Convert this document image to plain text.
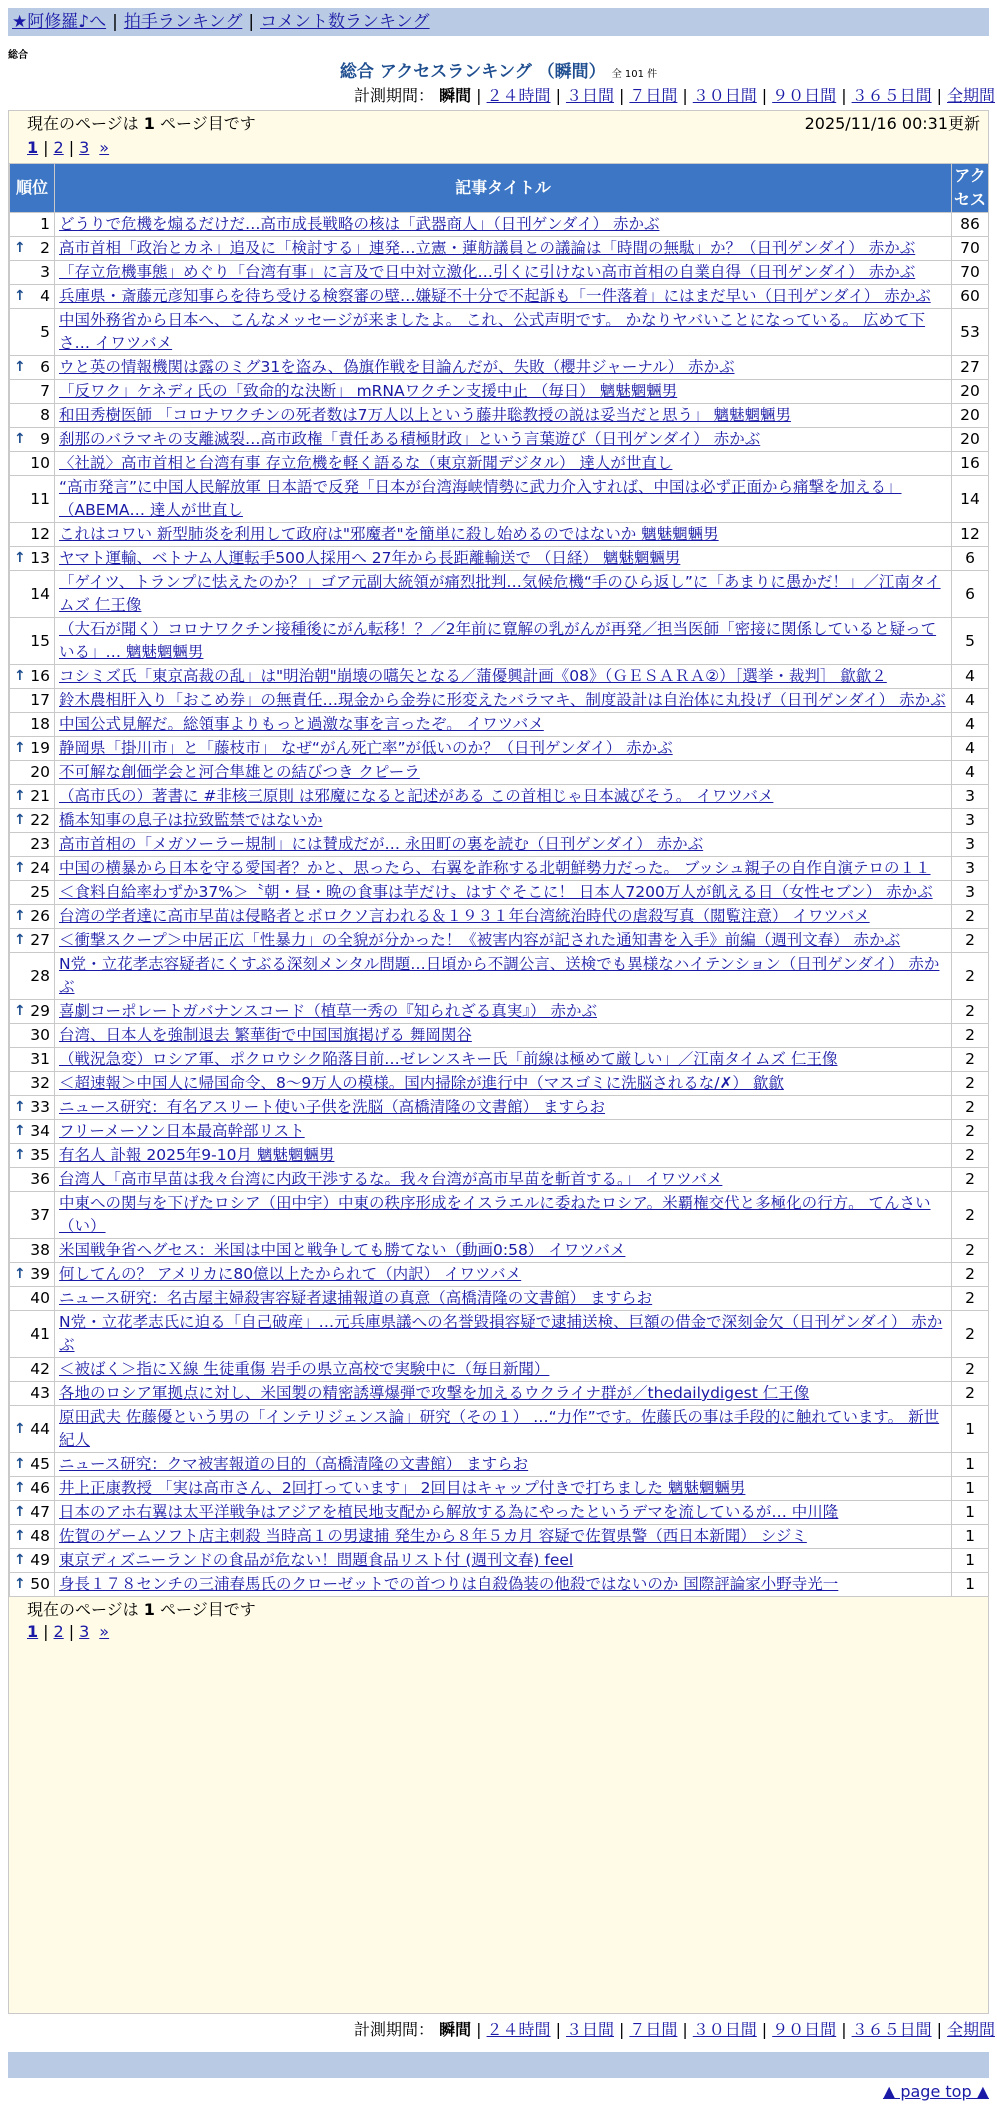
★阿修羅♪へ | 拍手ランキング | コメント数ランキング
総合
総合 アクセスランキング （瞬間） 全 101 件
計測期間： 瞬間 | ２４時間 | ３日間 | ７日間 | ３０日間 | ９０日間 | ３６５日間 | 全期間
現在のページは 1 ページ目です	2025/11/16 00:31更新
1 | 2 | 3 »
順位	記事タイトル	アクセス
1	どうりで危機を煽るだけだ…高市成長戦略の核は「武器商人」（日刊ゲンダイ） 赤かぶ	86

↑ 2	高市首相「政治とカネ」追及に「検討する」連発…立憲・蓮舫議員との議論は「時間の無駄」か？（日刊ゲンダイ） 赤かぶ	70
3	「存立危機事態」めぐり「台湾有事」に言及で日中対立激化…引くに引けない高市首相の自業自得（日刊ゲンダイ） 赤かぶ	70

↑ 4	兵庫県・斎藤元彦知事らを待ち受ける検察審の壁…嫌疑不十分で不起訴も「一件落着」にはまだ早い（日刊ゲンダイ） 赤かぶ	60
5	中国外務省から日本へ、こんなメッセージが来ましたよ。 これ、公式声明です。 かなりヤバいことになっている。 広めて下さ… イワツバメ	53

↑ 6	ウと英の情報機関は露のミグ31を盗み、偽旗作戦を目論んだが、失敗（櫻井ジャーナル） 赤かぶ	27
7	「反ワク」ケネディ氏の「致命的な決断」 mRNAワクチン支援中止 （毎日） 魑魅魍魎男	20
8	和田秀樹医師 「コロナワクチンの死者数は7万人以上という藤井聡教授の説は妥当だと思う」 魑魅魍魎男	20

↑ 9	刹那のバラマキの支離滅裂…高市政権「責任ある積極財政」という言葉遊び（日刊ゲンダイ） 赤かぶ	20
10	〈社説〉高市首相と台湾有事 存立危機を軽く語るな（東京新聞デジタル） 達人が世直し	16
11	“高市発言”に中国人民解放軍 日本語で反発「日本が台湾海峡情勢に武力介入すれば、中国は必ず正面から痛撃を加える」（ABEMA… 達人が世直し	14
12	これはコワい 新型肺炎を利用して政府は"邪魔者"を簡単に殺し始めるのではないか 魑魅魍魎男	12

↑ 13	ヤマト運輸、ベトナム人運転手500人採用へ 27年から長距離輸送で （日経） 魑魅魍魎男	6
14	「ゲイツ、トランプに怯えたのか？」ゴア元副大統領が痛烈批判…気候危機“手のひら返し”に「あまりに愚かだ！」／江南タイムズ 仁王像	6
15	（大石が聞く）コロナワクチン接種後にがん転移！？／2年前に寛解の乳がんが再発／担当医師「密接に関係していると疑っている」… 魑魅魍魎男	5

↑ 16	コシミズ氏「東京高裁の乱」は"明治朝"崩壊の嚆矢となる／蒲優興計画《08》（ＧＥＳＡＲＡ②）［選挙・裁判］ 歙歙２	4
17	鈴木農相肝入り「おこめ券」の無責任…現金から金券に形変えたバラマキ、制度設計は自治体に丸投げ（日刊ゲンダイ） 赤かぶ	4
18	中国公式見解だ。総領事よりもっと過激な事を言ったぞ。 イワツバメ	4

↑ 19	静岡県「掛川市」と「藤枝市」 なぜ“がん死亡率”が低いのか？（日刊ゲンダイ） 赤かぶ	4
20	不可解な創価学会と河合隼雄との結びつき クピーラ	4

↑ 21	（高市氏の）著書に #非核三原則 は邪魔になると記述がある この首相じゃ日本滅びそう。 イワツバメ	3

↑ 22	橋本知事の息子は拉致監禁ではないか	3
23	高市首相の「メガソーラー規制」には賛成だが… 永田町の裏を読む（日刊ゲンダイ） 赤かぶ	3

↑ 24	中国の横暴から日本を守る愛国者？かと、思ったら、右翼を詐称する北朝鮮勢力だった。 ブッシュ親子の自作自演テロの１１	3
25	＜食料自給率わずか37%＞〝朝・昼・晩の食事は芋だけ〟はすぐそこに！ 日本人7200万人が飢える日（女性セブン） 赤かぶ	3

↑ 26	台湾の学者達に高市早苗は侵略者とボロクソ言われる＆１９３１年台湾統治時代の虐殺写真（閲覧注意） イワツバメ	2

↑ 27	＜衝撃スクープ＞中居正広「性暴力」の全貌が分かった！《被害内容が記された通知書を入手》前編（週刊文春） 赤かぶ	2
28	N党・立花孝志容疑者にくすぶる深刻メンタル問題…日頃から不調公言、送検でも異様なハイテンション（日刊ゲンダイ） 赤かぶ	2

↑ 29	喜劇コーポレートガバナンスコード（植草一秀の『知られざる真実』） 赤かぶ	2
30	台湾、日本人を強制退去 繁華街で中国国旗掲げる 舞岡関谷	2
31	（戦況急変）ロシア軍、ポクロウシク陥落目前…ゼレンスキー氏「前線は極めて厳しい」／江南タイムズ 仁王像	2
32	＜超速報＞中国人に帰国命令、8～9万人の模様。国内掃除が進行中（マスゴミに洗脳されるな/✗） 歙歙	2

↑ 33	ニュース研究：有名アスリート使い子供を洗脳（高橋清隆の文書館） ますらお	2

↑ 34	フリーメーソン日本最高幹部リスト	2

↑ 35	有名人 訃報 2025年9-10月 魑魅魍魎男	2
36	台湾人「高市早苗は我々台湾に内政干渉するな。我々台湾が高市早苗を斬首する。」 イワツバメ	2
37	中東への関与を下げたロシア（田中宇）中東の秩序形成をイスラエルに委ねたロシア。米覇権交代と多極化の行方。 てんさい（い）	2
38	米国戦争省ヘグセス：米国は中国と戦争しても勝てない（動画0:58） イワツバメ	2

↑ 39	何してんの？ アメリカに80億以上たかられて（内訳） イワツバメ	2
40	ニュース研究：名古屋主婦殺害容疑者逮捕報道の真意（高橋清隆の文書館） ますらお	2
41	N党・立花孝志氏に迫る「自己破産」…元兵庫県議への名誉毀損容疑で逮捕送検、巨額の借金で深刻金欠（日刊ゲンダイ） 赤かぶ	2
42	＜被ばく＞指にＸ線 生徒重傷 岩手の県立高校で実験中に（毎日新聞）	2
43	各地のロシア軍拠点に対し、米国製の精密誘導爆弾で攻撃を加えるウクライナ群が／thedailydigest 仁王像	2

↑ 44	原田武夫 佐藤優という男の「インテリジェンス論」研究（その１） …“力作”です。佐藤氏の事は手段的に触れています。 新世紀人	1

↑ 45	ニュース研究：クマ被害報道の目的（高橋清隆の文書館） ますらお	1

↑ 46	井上正康教授 「実は高市さん、2回打っています」 2回目はキャップ付きで打ちました 魑魅魍魎男	1

↑ 47	日本のアホ右翼は太平洋戦争はアジアを植民地支配から解放する為にやったというデマを流しているが… 中川隆	1

↑ 48	佐賀のゲームソフト店主刺殺 当時高１の男逮捕 発生から８年５カ月 容疑で佐賀県警（西日本新聞） シジミ	1

↑ 49	東京ディズニーランドの食品が危ない！問題食品リスト付 (週刊文春) feel	1

↑ 50	身長１７８センチの三浦春馬氏のクローゼットでの首つりは自殺偽装の他殺ではないのか 国際評論家小野寺光一	1
現在のページは 1 ページ目です
1 | 2 | 3 »
計測期間： 瞬間 | ２４時間 | ３日間 | ７日間 | ３０日間 | ９０日間 | ３６５日間 | 全期間
▲ page top ▲
